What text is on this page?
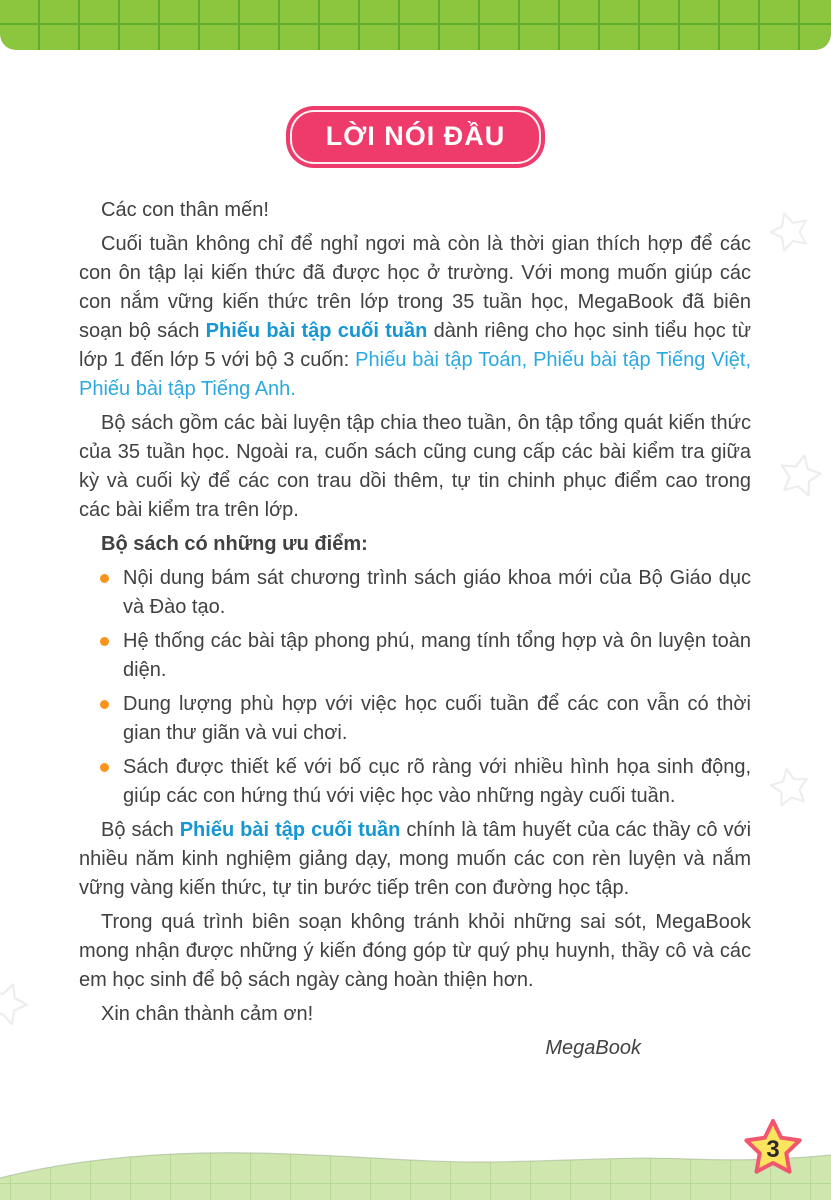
LỜI NÓI ĐẦU

Các con thân mến!

Cuối tuần không chỉ để nghỉ ngơi mà còn là thời gian thích hợp để các con ôn tập lại kiến thức đã được học ở trường. Với mong muốn giúp các con nắm vững kiến thức trên lớp trong 35 tuần học, MegaBook đã biên soạn bộ sách Phiếu bài tập cuối tuần dành riêng cho học sinh tiểu học từ lớp 1 đến lớp 5 với bộ 3 cuốn: Phiếu bài tập Toán, Phiếu bài tập Tiếng Việt, Phiếu bài tập Tiếng Anh.

Bộ sách gồm các bài luyện tập chia theo tuần, ôn tập tổng quát kiến thức của 35 tuần học. Ngoài ra, cuốn sách cũng cung cấp các bài kiểm tra giữa kỳ và cuối kỳ để các con trau dồi thêm, tự tin chinh phục điểm cao trong các bài kiểm tra trên lớp.

Bộ sách có những ưu điểm:

Nội dung bám sát chương trình sách giáo khoa mới của Bộ Giáo dục và Đào tạo.
Hệ thống các bài tập phong phú, mang tính tổng hợp và ôn luyện toàn diện.
Dung lượng phù hợp với việc học cuối tuần để các con vẫn có thời gian thư giãn và vui chơi.
Sách được thiết kế với bố cục rõ ràng với nhiều hình họa sinh động, giúp các con hứng thú với việc học vào những ngày cuối tuần.

Bộ sách Phiếu bài tập cuối tuần chính là tâm huyết của các thầy cô với nhiều năm kinh nghiệm giảng dạy, mong muốn các con rèn luyện và nắm vững vàng kiến thức, tự tin bước tiếp trên con đường học tập.

Trong quá trình biên soạn không tránh khỏi những sai sót, MegaBook mong nhận được những ý kiến đóng góp từ quý phụ huynh, thầy cô và các em học sinh để bộ sách ngày càng hoàn thiện hơn.

Xin chân thành cảm ơn!

MegaBook

3
